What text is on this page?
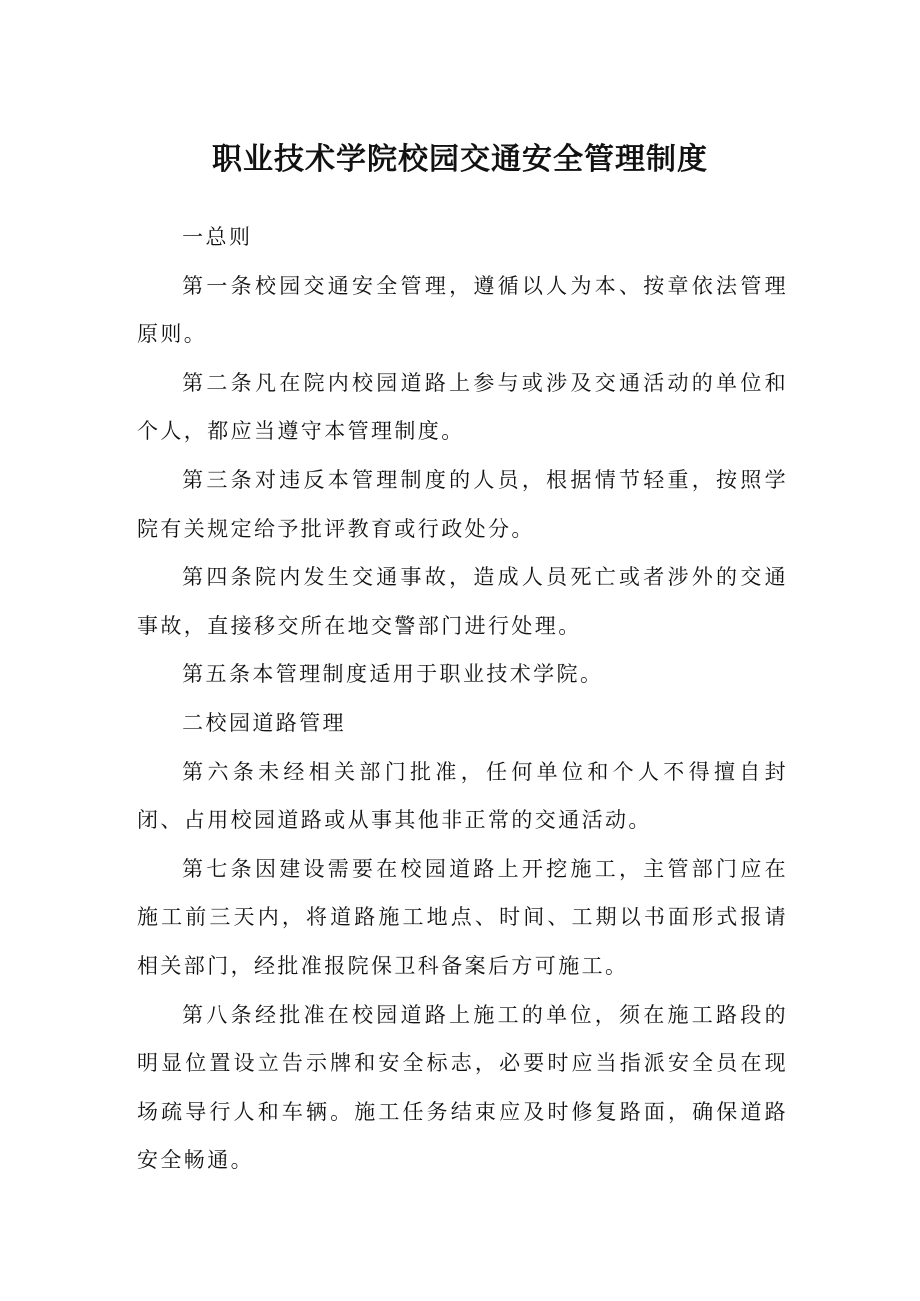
职业技术学院校园交通安全管理制度

一总则

第一条校园交通安全管理，遵循以人为本、按章依法管理原则。

第二条凡在院内校园道路上参与或涉及交通活动的单位和个人，都应当遵守本管理制度。

第三条对违反本管理制度的人员，根据情节轻重，按照学院有关规定给予批评教育或行政处分。

第四条院内发生交通事故，造成人员死亡或者涉外的交通事故，直接移交所在地交警部门进行处理。

第五条本管理制度适用于职业技术学院。

二校园道路管理

第六条未经相关部门批准，任何单位和个人不得擅自封闭、占用校园道路或从事其他非正常的交通活动。

第七条因建设需要在校园道路上开挖施工，主管部门应在施工前三天内，将道路施工地点、时间、工期以书面形式报请相关部门，经批准报院保卫科备案后方可施工。

第八条经批准在校园道路上施工的单位，须在施工路段的明显位置设立告示牌和安全标志，必要时应当指派安全员在现场疏导行人和车辆。施工任务结束应及时修复路面，确保道路安全畅通。
